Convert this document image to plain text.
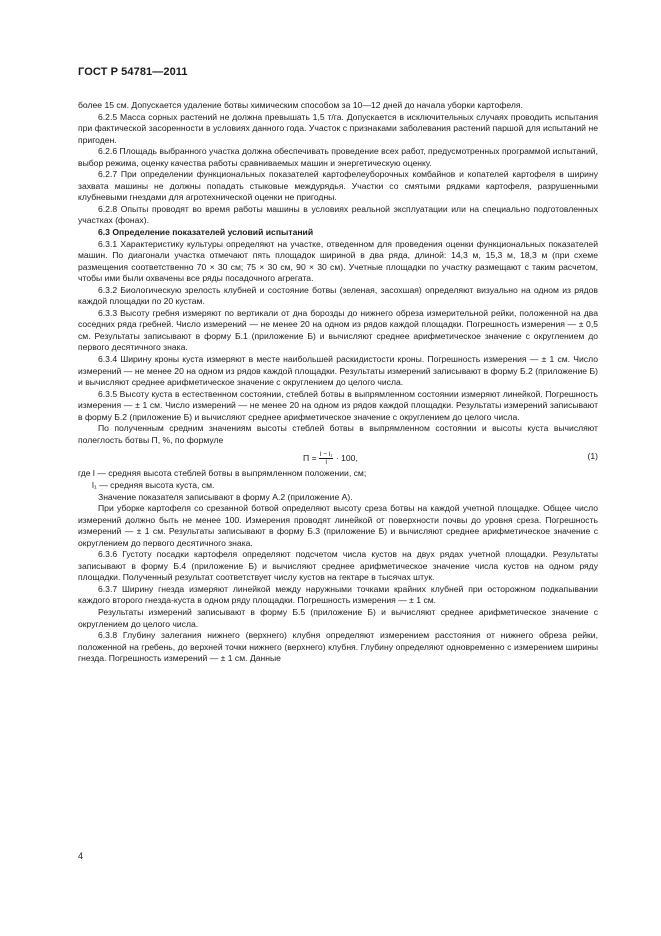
ГОСТ Р 54781—2011

более 15 см. Допускается удаление ботвы химическим способом за 10—12 дней до начала уборки картофеля.

6.2.5 Масса сорных растений не должна превышать 1,5 т/га. Допускается в исключительных случаях проводить испытания при фактической засоренности в условиях данного года. Участок с признаками заболевания растений паршой для испытаний не пригоден.

6.2.6 Площадь выбранного участка должна обеспечивать проведение всех работ, предусмотренных программой испытаний, выбор режима, оценку качества работы сравниваемых машин и энергетическую оценку.

6.2.7 При определении функциональных показателей картофелеуборочных комбайнов и копателей картофеля в ширину захвата машины не должны попадать стыковые междурядья. Участки со смятыми рядками картофеля, разрушенными клубневыми гнездами для агротехнической оценки не пригодны.

6.2.8 Опыты проводят во время работы машины в условиях реальной эксплуатации или на специально подготовленных участках (фонах).

6.3 Определение показателей условий испытаний

6.3.1 Характеристику культуры определяют на участке, отведенном для проведения оценки функциональных показателей машин. По диагонали участка отмечают пять площадок шириной в два ряда, длиной: 14,3 м, 15,3 м, 18,3 м (при схеме размещения соответственно 70 × 30 см; 75 × 30 см, 90 × 30 см). Учетные площадки по участку размещают с таким расчетом, чтобы ими были охвачены все ряды посадочного агрегата.

6.3.2 Биологическую зрелость клубней и состояние ботвы (зеленая, засохшая) определяют визуально на одном из рядов каждой площадки по 20 кустам.

6.3.3 Высоту гребня измеряют по вертикали от дна борозды до нижнего обреза измерительной рейки, положенной на два соседних ряда гребней. Число измерений — не менее 20 на одном из рядов каждой площадки. Погрешность измерения — ± 0,5 см. Результаты записывают в форму Б.1 (приложение Б) и вычисляют среднее арифметическое значение с округлением до первого десятичного знака.

6.3.4 Ширину кроны куста измеряют в месте наибольшей раскидистости кроны. Погрешность измерения — ± 1 см. Число измерений — не менее 20 на одном из рядов каждой площадки. Результаты измерений записывают в форму Б.2 (приложение Б) и вычисляют среднее арифметическое значение с округлением до целого числа.

6.3.5 Высоту куста в естественном состоянии, стеблей ботвы в выпрямленном состоянии измеряют линейкой. Погрешность измерения — ± 1 см. Число измерений — не менее 20 на одном из рядов каждой площадки. Результаты измерений записывают в форму Б.2 (приложение Б) и вычисляют среднее арифметическое значение с округлением до целого числа.

По полученным средним значениям высоты стеблей ботвы в выпрямленном состоянии и высоты куста вычисляют полеглость ботвы П, %, по формуле

$П = \frac{\text{l − l₁}}{l} \cdot 100$,	(1)

где l — средняя высота стеблей ботвы в выпрямленном положении, см;

l₁ — средняя высота куста, см.

Значение показателя записывают в форму А.2 (приложение А).

При уборке картофеля со срезанной ботвой определяют высоту среза ботвы на каждой учетной площадке. Общее число измерений должно быть не менее 100. Измерения проводят линейкой от поверхности почвы до уровня среза. Погрешность измерений — ± 1 см. Результаты записывают в форму Б.3 (приложение Б) и вычисляют среднее арифметическое значение с округлением до первого десятичного знака.

6.3.6 Густоту посадки картофеля определяют подсчетом числа кустов на двух рядах учетной площадки. Результаты записывают в форму Б.4 (приложение Б) и вычисляют среднее арифметическое значение числа кустов на одном ряду площадки. Полученный результат соответствует числу кустов на гектаре в тысячах штук.

6.3.7 Ширину гнезда измеряют линейкой между наружными точками крайних клубней при осторожном подкапывании каждого второго гнезда-куста в одном ряду площадки. Погрешность измерения — ± 1 см.

Результаты измерений записывают в форму Б.5 (приложение Б) и вычисляют среднее арифметическое значение с округлением до целого числа.

6.3.8 Глубину залегания нижнего (верхнего) клубня определяют измерением расстояния от нижнего обреза рейки, положенной на гребень, до верхней точки нижнего (верхнего) клубня. Глубину определяют одновременно с измерением ширины гнезда. Погрешность измерений — ± 1 см. Данные

4
